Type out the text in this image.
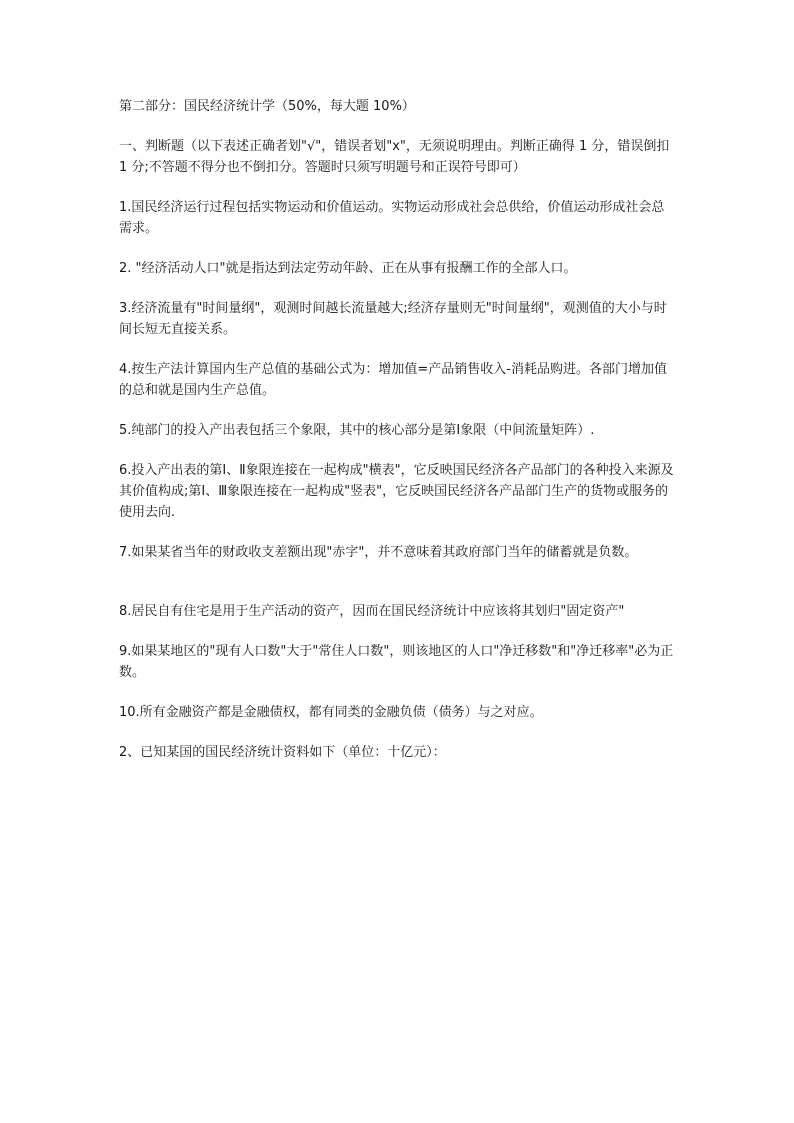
第二部分：国民经济统计学（50%，每大题 10%）

一、判断题（以下表述正确者划"√"，错误者划"x"，无须说明理由。判断正确得 1 分，错误倒扣 1 分;不答题不得分也不倒扣分。答题时只须写明题号和正误符号即可）

1.国民经济运行过程包括实物运动和价值运动。实物运动形成社会总供给，价值运动形成社会总需求。

2. "经济活动人口"就是指达到法定劳动年龄、正在从事有报酬工作的全部人口。

3.经济流量有"时间量纲"，观测时间越长流量越大;经济存量则无"时间量纲"，观测值的大小与时间长短无直接关系。

4.按生产法计算国内生产总值的基础公式为：增加值=产品销售收入-消耗品购进。各部门增加值的总和就是国内生产总值。

5.纯部门的投入产出表包括三个象限，其中的核心部分是第Ⅰ象限（中间流量矩阵）.

6.投入产出表的第Ⅰ、Ⅱ象限连接在一起构成"横表"，它反映国民经济各产品部门的各种投入来源及其价值构成;第Ⅰ、Ⅲ象限连接在一起构成"竖表"，它反映国民经济各产品部门生产的货物或服务的使用去向.

7.如果某省当年的财政收支差额出现"赤字"，并不意味着其政府部门当年的储蓄就是负数。

8.居民自有住宅是用于生产活动的资产，因而在国民经济统计中应该将其划归"固定资产"

9.如果某地区的"现有人口数"大于"常住人口数"，则该地区的人口"净迁移数"和"净迁移率"必为正数。

10.所有金融资产都是金融债权，都有同类的金融负债（债务）与之对应。

2、已知某国的国民经济统计资料如下（单位：十亿元）：
